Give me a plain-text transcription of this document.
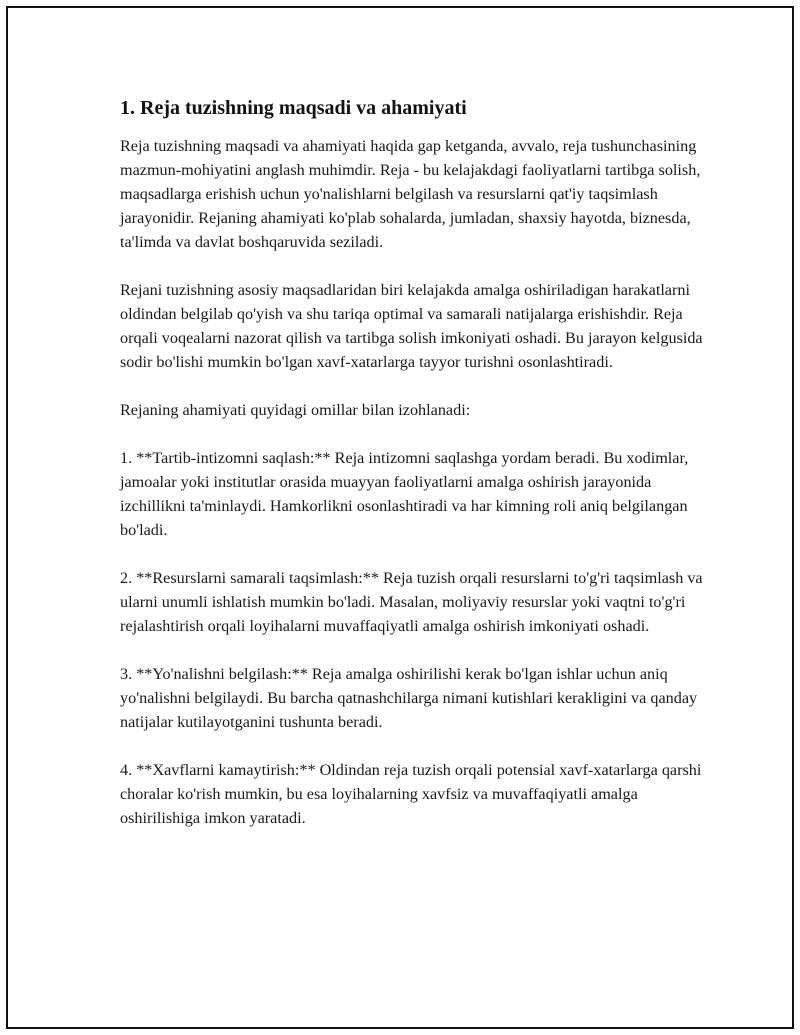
1. Reja tuzishning maqsadi va ahamiyati

Reja tuzishning maqsadi va ahamiyati haqida gap ketganda, avvalo, reja tushunchasining mazmun-mohiyatini anglash muhimdir. Reja - bu kelajakdagi faoliyatlarni tartibga solish, maqsadlarga erishish uchun yo'nalishlarni belgilash va resurslarni qat'iy taqsimlash jarayonidir. Rejaning ahamiyati ko'plab sohalarda, jumladan, shaxsiy hayotda, biznesda, ta'limda va davlat boshqaruvida seziladi.

Rejani tuzishning asosiy maqsadlaridan biri kelajakda amalga oshiriladigan harakatlarni oldindan belgilab qo'yish va shu tariqa optimal va samarali natijalarga erishishdir. Reja orqali voqealarni nazorat qilish va tartibga solish imkoniyati oshadi. Bu jarayon kelgusida sodir bo'lishi mumkin bo'lgan xavf-xatarlarga tayyor turishni osonlashtiradi.

Rejaning ahamiyati quyidagi omillar bilan izohlanadi:

1. **Tartib-intizomni saqlash:** Reja intizomni saqlashga yordam beradi. Bu xodimlar, jamoalar yoki institutlar orasida muayyan faoliyatlarni amalga oshirish jarayonida izchillikni ta'minlaydi. Hamkorlikni osonlashtiradi va har kimning roli aniq belgilangan bo'ladi.

2. **Resurslarni samarali taqsimlash:** Reja tuzish orqali resurslarni to'g'ri taqsimlash va ularni unumli ishlatish mumkin bo'ladi. Masalan, moliyaviy resurslar yoki vaqtni to'g'ri rejalashtirish orqali loyihalarni muvaffaqiyatli amalga oshirish imkoniyati oshadi.

3. **Yo'nalishni belgilash:** Reja amalga oshirilishi kerak bo'lgan ishlar uchun aniq yo'nalishni belgilaydi. Bu barcha qatnashchilarga nimani kutishlari kerakligini va qanday natijalar kutilayotganini tushunta beradi.

4. **Xavflarni kamaytirish:** Oldindan reja tuzish orqali potensial xavf-xatarlarga qarshi choralar ko'rish mumkin, bu esa loyihalarning xavfsiz va muvaffaqiyatli amalga oshirilishiga imkon yaratadi.
